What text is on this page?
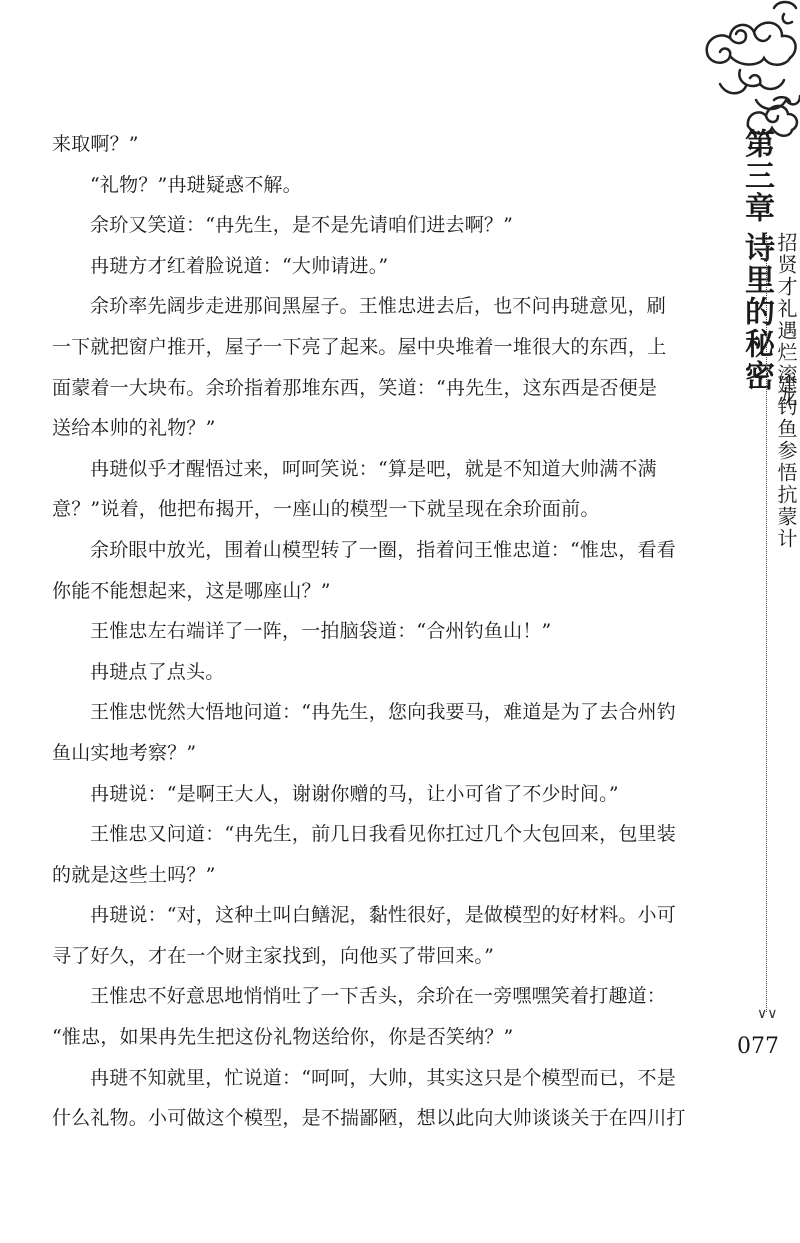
来取啊？”

“礼物？”冉琎疑惑不解。

余玠又笑道：“冉先生，是不是先请咱们进去啊？”

冉琎方才红着脸说道：“大帅请进。”

余玠率先阔步走进那间黑屋子。王惟忠进去后，也不问冉琎意见，刷

一下就把窗户推开，屋子一下亮了起来。屋中央堆着一堆很大的东西，上

面蒙着一大块布。余玠指着那堆东西，笑道：“冉先生，这东西是否便是

送给本帅的礼物？”

冉琎似乎才醒悟过来，呵呵笑说：“算是吧，就是不知道大帅满不满

意？”说着，他把布揭开，一座山的模型一下就呈现在余玠面前。

余玠眼中放光，围着山模型转了一圈，指着问王惟忠道：“惟忠，看看

你能不能想起来，这是哪座山？”

王惟忠左右端详了一阵，一拍脑袋道：“合州钓鱼山！”

冉琎点了点头。

王惟忠恍然大悟地问道：“冉先生，您向我要马，难道是为了去合州钓

鱼山实地考察？”

冉琎说：“是啊王大人，谢谢你赠的马，让小可省了不少时间。”

王惟忠又问道：“冉先生，前几日我看见你扛过几个大包回来，包里装

的就是这些土吗？”

冉琎说：“对，这种土叫白鳝泥，黏性很好，是做模型的好材料。小可

寻了好久，才在一个财主家找到，向他买了带回来。”

王惟忠不好意思地悄悄吐了一下舌头，余玠在一旁嘿嘿笑着打趣道：

“惟忠，如果冉先生把这份礼物送给你，你是否笑纳？”

冉琎不知就里，忙说道：“呵呵，大帅，其实这只是个模型而已，不是

什么礼物。小可做这个模型，是不揣鄙陋，想以此向大帅谈谈关于在四川打

第三章
诗里的秘密 招贤才礼遇烂滚龙
建钓鱼参悟抗蒙计
∨∨
077
